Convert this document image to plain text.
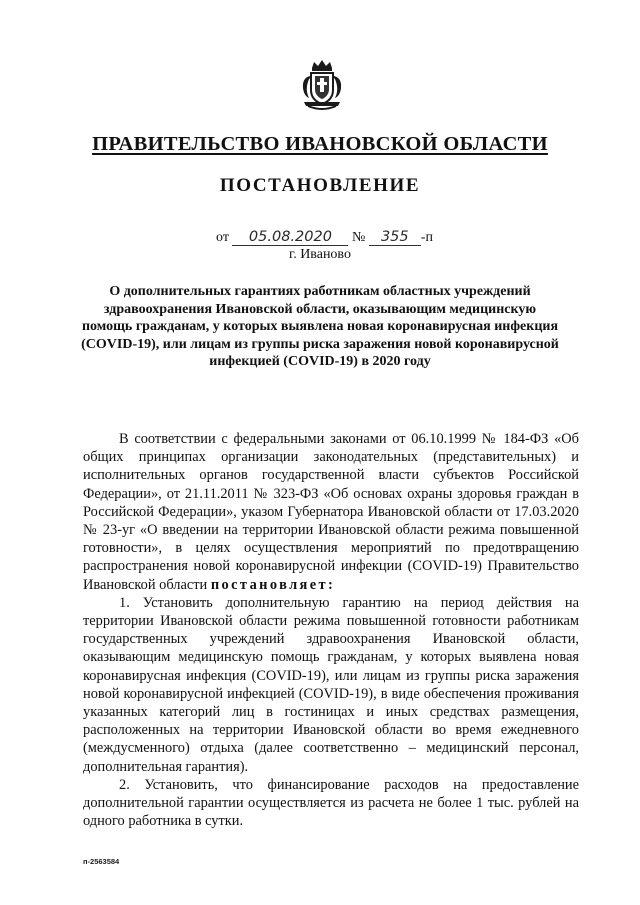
ПРАВИТЕЛЬСТВО ИВАНОВСКОЙ ОБЛАСТИ
ПОСТАНОВЛЕНИЕ
от 05.08.2020 № 355 -п
г. Иваново
О дополнительных гарантиях работникам областных учреждений здравоохранения Ивановской области, оказывающим медицинскую помощь гражданам, у которых выявлена новая коронавирусная инфекция (COVID-19), или лицам из группы риска заражения новой коронавирусной инфекцией (COVID-19) в 2020 году

В соответствии с федеральными законами от 06.10.1999 № 184-ФЗ «Об общих принципах организации законодательных (представительных) и исполнительных органов государственной власти субъектов Российской Федерации», от 21.11.2011 № 323-ФЗ «Об основах охраны здоровья граждан в Российской Федерации», указом Губернатора Ивановской области от 17.03.2020 № 23-уг «О введении на территории Ивановской области режима повышенной готовности», в целях осуществления мероприятий по предотвращению распространения новой коронавирусной инфекции (COVID-19) Правительство Ивановской области постановляет:

1. Установить дополнительную гарантию на период действия на территории Ивановской области режима повышенной готовности работникам государственных учреждений здравоохранения Ивановской области, оказывающим медицинскую помощь гражданам, у которых выявлена новая коронавирусная инфекция (COVID-19), или лицам из группы риска заражения новой коронавирусной инфекцией (COVID-19), в виде обеспечения проживания указанных категорий лиц в гостиницах и иных средствах размещения, расположенных на территории Ивановской области во время ежедневного (междусменного) отдыха (далее соответственно – медицинский персонал, дополнительная гарантия).

2. Установить, что финансирование расходов на предоставление дополнительной гарантии осуществляется из расчета не более 1 тыс. рублей на одного работника в сутки.

п-2563584
